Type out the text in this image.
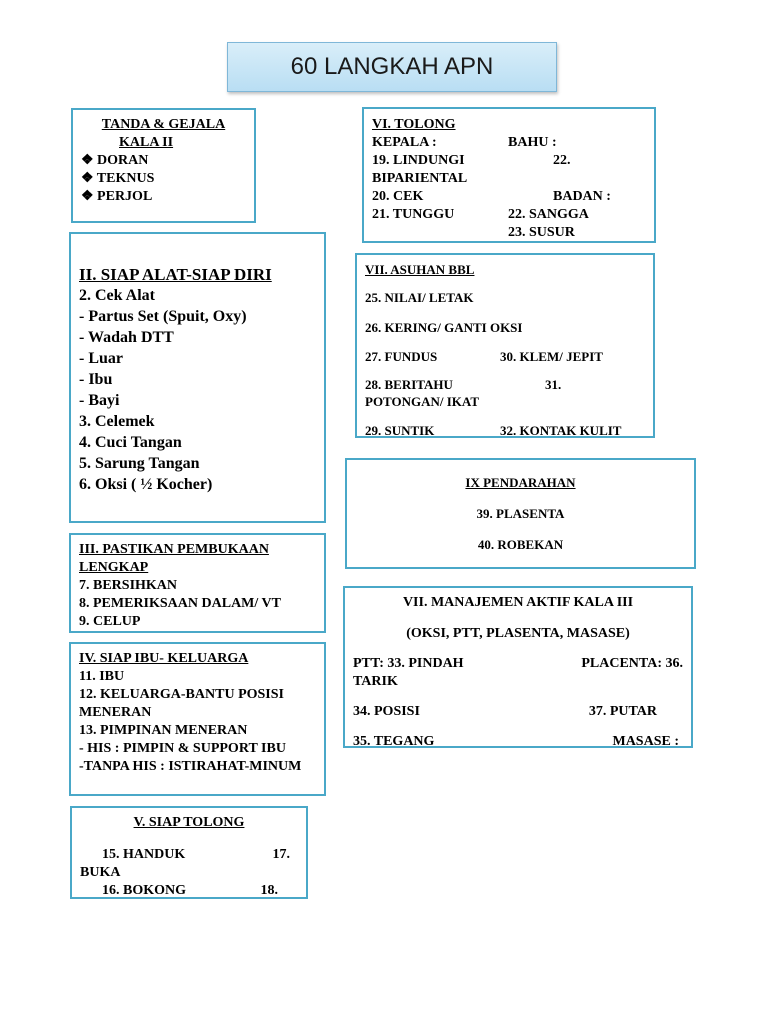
60 LANGKAH APN
TANDA & GEJALA
KALA II
❖ DORAN
❖ TEKNUS
❖ PERJOL
II. SIAP ALAT-SIAP DIRI
2. Cek Alat
- Partus Set (Spuit, Oxy)
- Wadah DTT
- Luar
- Ibu
- Bayi
3. Celemek
4. Cuci Tangan
5. Sarung Tangan
6. Oksi ( ½ Kocher)
III. PASTIKAN PEMBUKAAN
LENGKAP
7. BERSIHKAN
8. PEMERIKSAAN DALAM/ VT
9. CELUP
IV. SIAP IBU- KELUARGA
11. IBU
12. KELUARGA-BANTU POSISI MENERAN
13. PIMPINAN MENERAN
- HIS : PIMPIN & SUPPORT IBU
-TANPA HIS : ISTIRAHAT-MINUM
V. SIAP TOLONG
15. HANDUK	17.
BUKA
16. BOKONG	18.
VI. TOLONG
KEPALA :	BAHU :
19. LINDUNGI	22.
BIPARIENTAL
20. CEK	BADAN :
21. TUNGGU	22. SANGGA
23. SUSUR
VII. ASUHAN BBL
25. NILAI/ LETAK
26. KERING/ GANTI OKSI
27. FUNDUS	30. KLEM/ JEPIT
28. BERITAHU	31.
POTONGAN/ IKAT
29. SUNTIK	32. KONTAK KULIT
IX PENDARAHAN
39. PLASENTA
40. ROBEKAN
VII. MANAJEMEN AKTIF KALA III
(OKSI, PTT, PLASENTA, MASASE)
PTT: 33. PINDAH	PLACENTA: 36.
TARIK
34. POSISI	37. PUTAR
35. TEGANG	MASASE :
